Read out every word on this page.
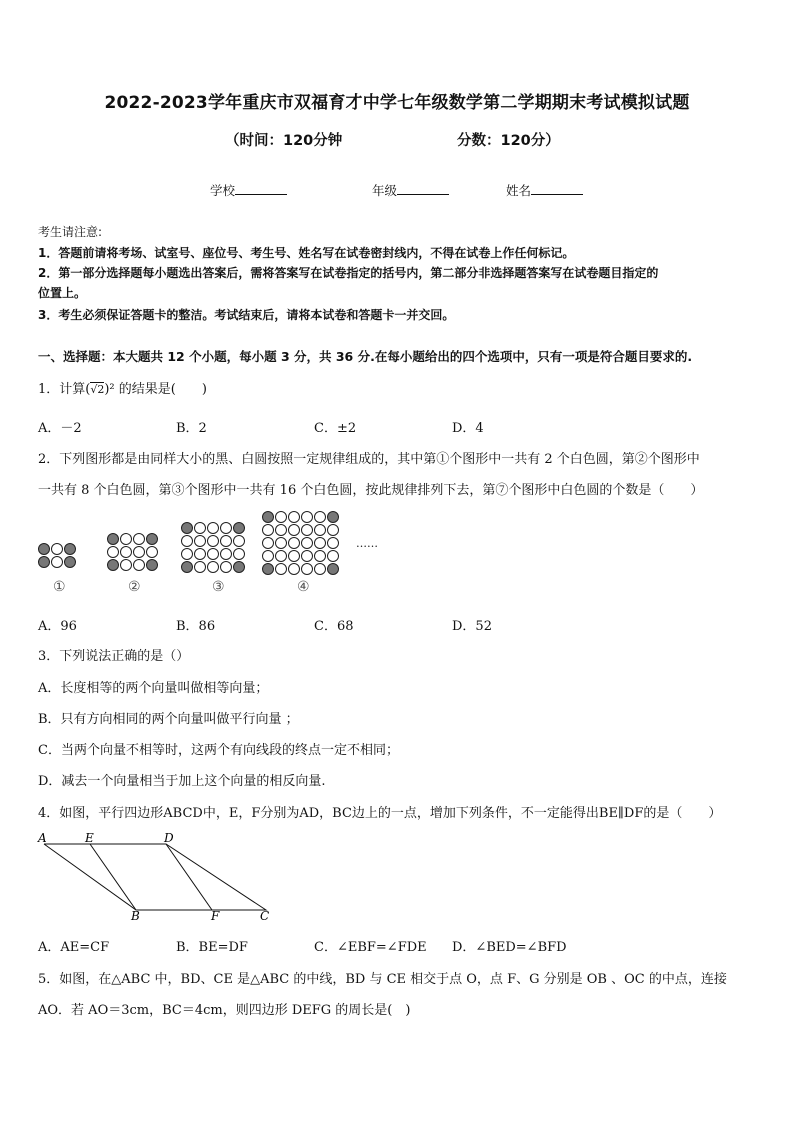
2022-2023学年重庆市双福育才中学七年级数学第二学期期末考试模拟试题
（时间：120分钟	分数：120分）
学校	年级	姓名
考生请注意:
1．答题前请将考场、试室号、座位号、考生号、姓名写在试卷密封线内，不得在试卷上作任何标记。
2．第一部分选择题每小题选出答案后，需将答案写在试卷指定的括号内，第二部分非选择题答案写在试卷题目指定的
位置上。
3．考生必须保证答题卡的整洁。考试结束后，请将本试卷和答题卡一并交回。
一、选择题：本大题共 12 个小题，每小题 3 分，共 36 分.在每小题给出的四个选项中，只有一项是符合题目要求的.
1．计算(√2)² 的结果是(　　)
A．－2	B．2	C．±2	D．4
2．下列图形都是由同样大小的黑、白圆按照一定规律组成的，其中第①个图形中一共有 2 个白色圆，第②个图形中
一共有 8 个白色圆，第③个图形中一共有 16 个白色圆，按此规律排列下去，第⑦个图形中白色圆的个数是（　　）
①	②	③	④
……
A．96	B．86	C．68	D．52
3．下列说法正确的是（）
A．长度相等的两个向量叫做相等向量；
B．只有方向相同的两个向量叫做平行向量 ；
C．当两个向量不相等时，这两个有向线段的终点一定不相同；
D．减去一个向量相当于加上这个向量的相反向量.
4．如图，平行四边形ABCD中，E，F分别为AD，BC边上的一点，增加下列条件，不一定能得出BE∥DF的是（　　）
A	E	D
B	F	C
A．AE=CF	B．BE=DF	C．∠EBF=∠FDE D．∠BED=∠BFD
5．如图，在△ABC 中，BD、CE 是△ABC 的中线，BD 与 CE 相交于点 O，点 F、G 分别是 OB 、OC 的中点，连接
AO．若 AO＝3cm，BC＝4cm，则四边形 DEFG 的周长是(　)
